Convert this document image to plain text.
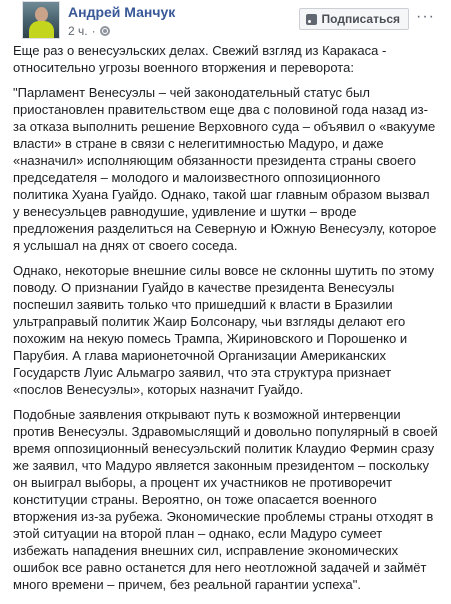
Андрей Манчук
2 ч. ·
Подписаться ···

Еще раз о венесуэльских делах. Свежий взгляд из Каракаса - относительно угрозы военного вторжения и переворота:

"Парламент Венесуэлы – чей законодательный статус был приостановлен правительством еще два с половиной года назад из-за отказа выполнить решение Верховного суда – объявил о «вакууме власти» в стране в связи с нелегитимностью Мадуро, и даже «назначил» исполняющим обязанности президента страны своего председателя – молодого и малоизвестного оппозиционного политика Хуана Гуайдо. Однако, такой шаг главным образом вызвал у венесуэльцев равнодушие, удивление и шутки – вроде предложения разделиться на Северную и Южную Венесуэлу, которое я услышал на днях от своего соседа.

Однако, некоторые внешние силы вовсе не склонны шутить по этому поводу. О признании Гуайдо в качестве президента Венесуэлы поспешил заявить только что пришедший к власти в Бразилии ультраправый политик Жаир Болсонару, чьи взгляды делают его похожим на некую помесь Трампа, Жириновского и Порошенко и Парубия. А глава марионеточной Организации Американских Государств Луис Альмагро заявил, что эта структура признает «послов Венесуэлы», которых назначит Гуайдо.

Подобные заявления открывают путь к возможной интервенции против Венесуэлы. Здравомыслящий и довольно популярный в своей время оппозиционный венесуэльский политик Клаудио Фермин сразу же заявил, что Мадуро является законным президентом – поскольку он выиграл выборы, а процент их участников не противоречит конституции страны. Вероятно, он тоже опасается военного вторжения из-за рубежа. Экономические проблемы страны отходят в этой ситуации на второй план – однако, если Мадуро сумеет избежать нападения внешних сил, исправление экономических ошибок все равно останется для него неотложной задачей и займёт много времени – причем, без реальной гарантии успеха".
